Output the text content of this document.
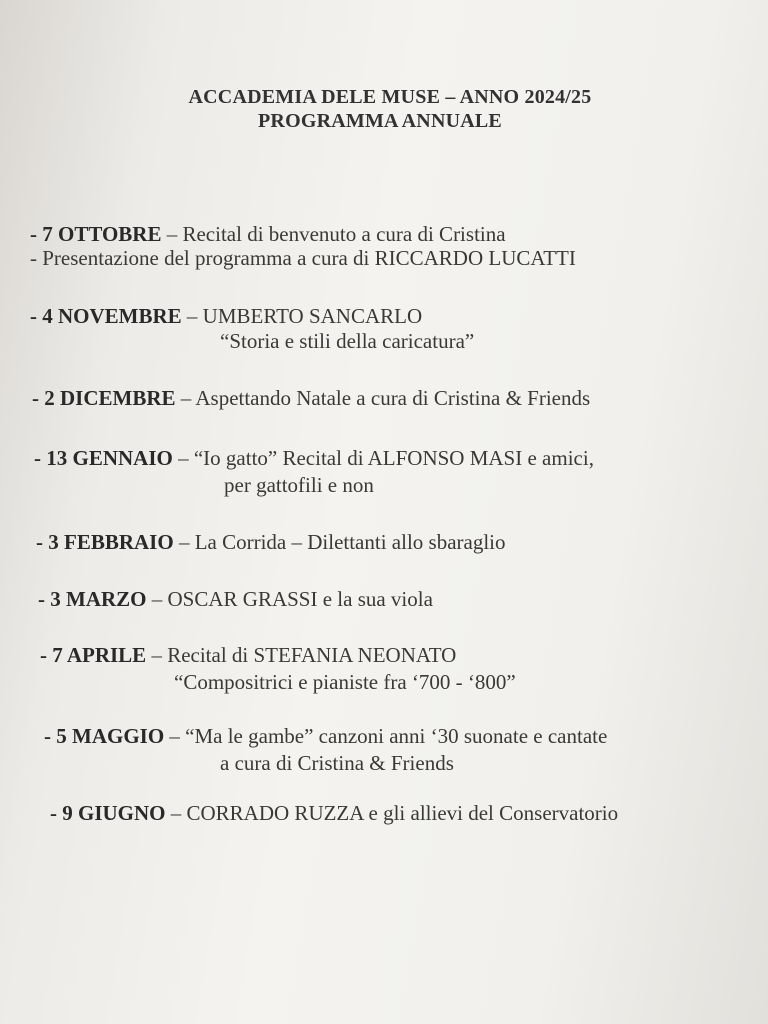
ACCADEMIA DELE MUSE – ANNO 2024/25
PROGRAMMA ANNUALE
- 7 OTTOBRE – Recital di benvenuto a cura di Cristina
- Presentazione del programma a cura di RICCARDO LUCATTI
- 4 NOVEMBRE – UMBERTO SANCARLO
“Storia e stili della caricatura”
- 2 DICEMBRE – Aspettando Natale a cura di Cristina & Friends
- 13 GENNAIO – “Io gatto” Recital di ALFONSO MASI e amici,
per gattofili e non
- 3 FEBBRAIO – La Corrida – Dilettanti allo sbaraglio
- 3 MARZO – OSCAR GRASSI e la sua viola
- 7 APRILE – Recital di STEFANIA NEONATO
“Compositrici e pianiste fra ‘700 - ‘800”
- 5 MAGGIO – “Ma le gambe” canzoni anni ‘30 suonate e cantate
a cura di Cristina & Friends
- 9 GIUGNO – CORRADO RUZZA e gli allievi del Conservatorio
